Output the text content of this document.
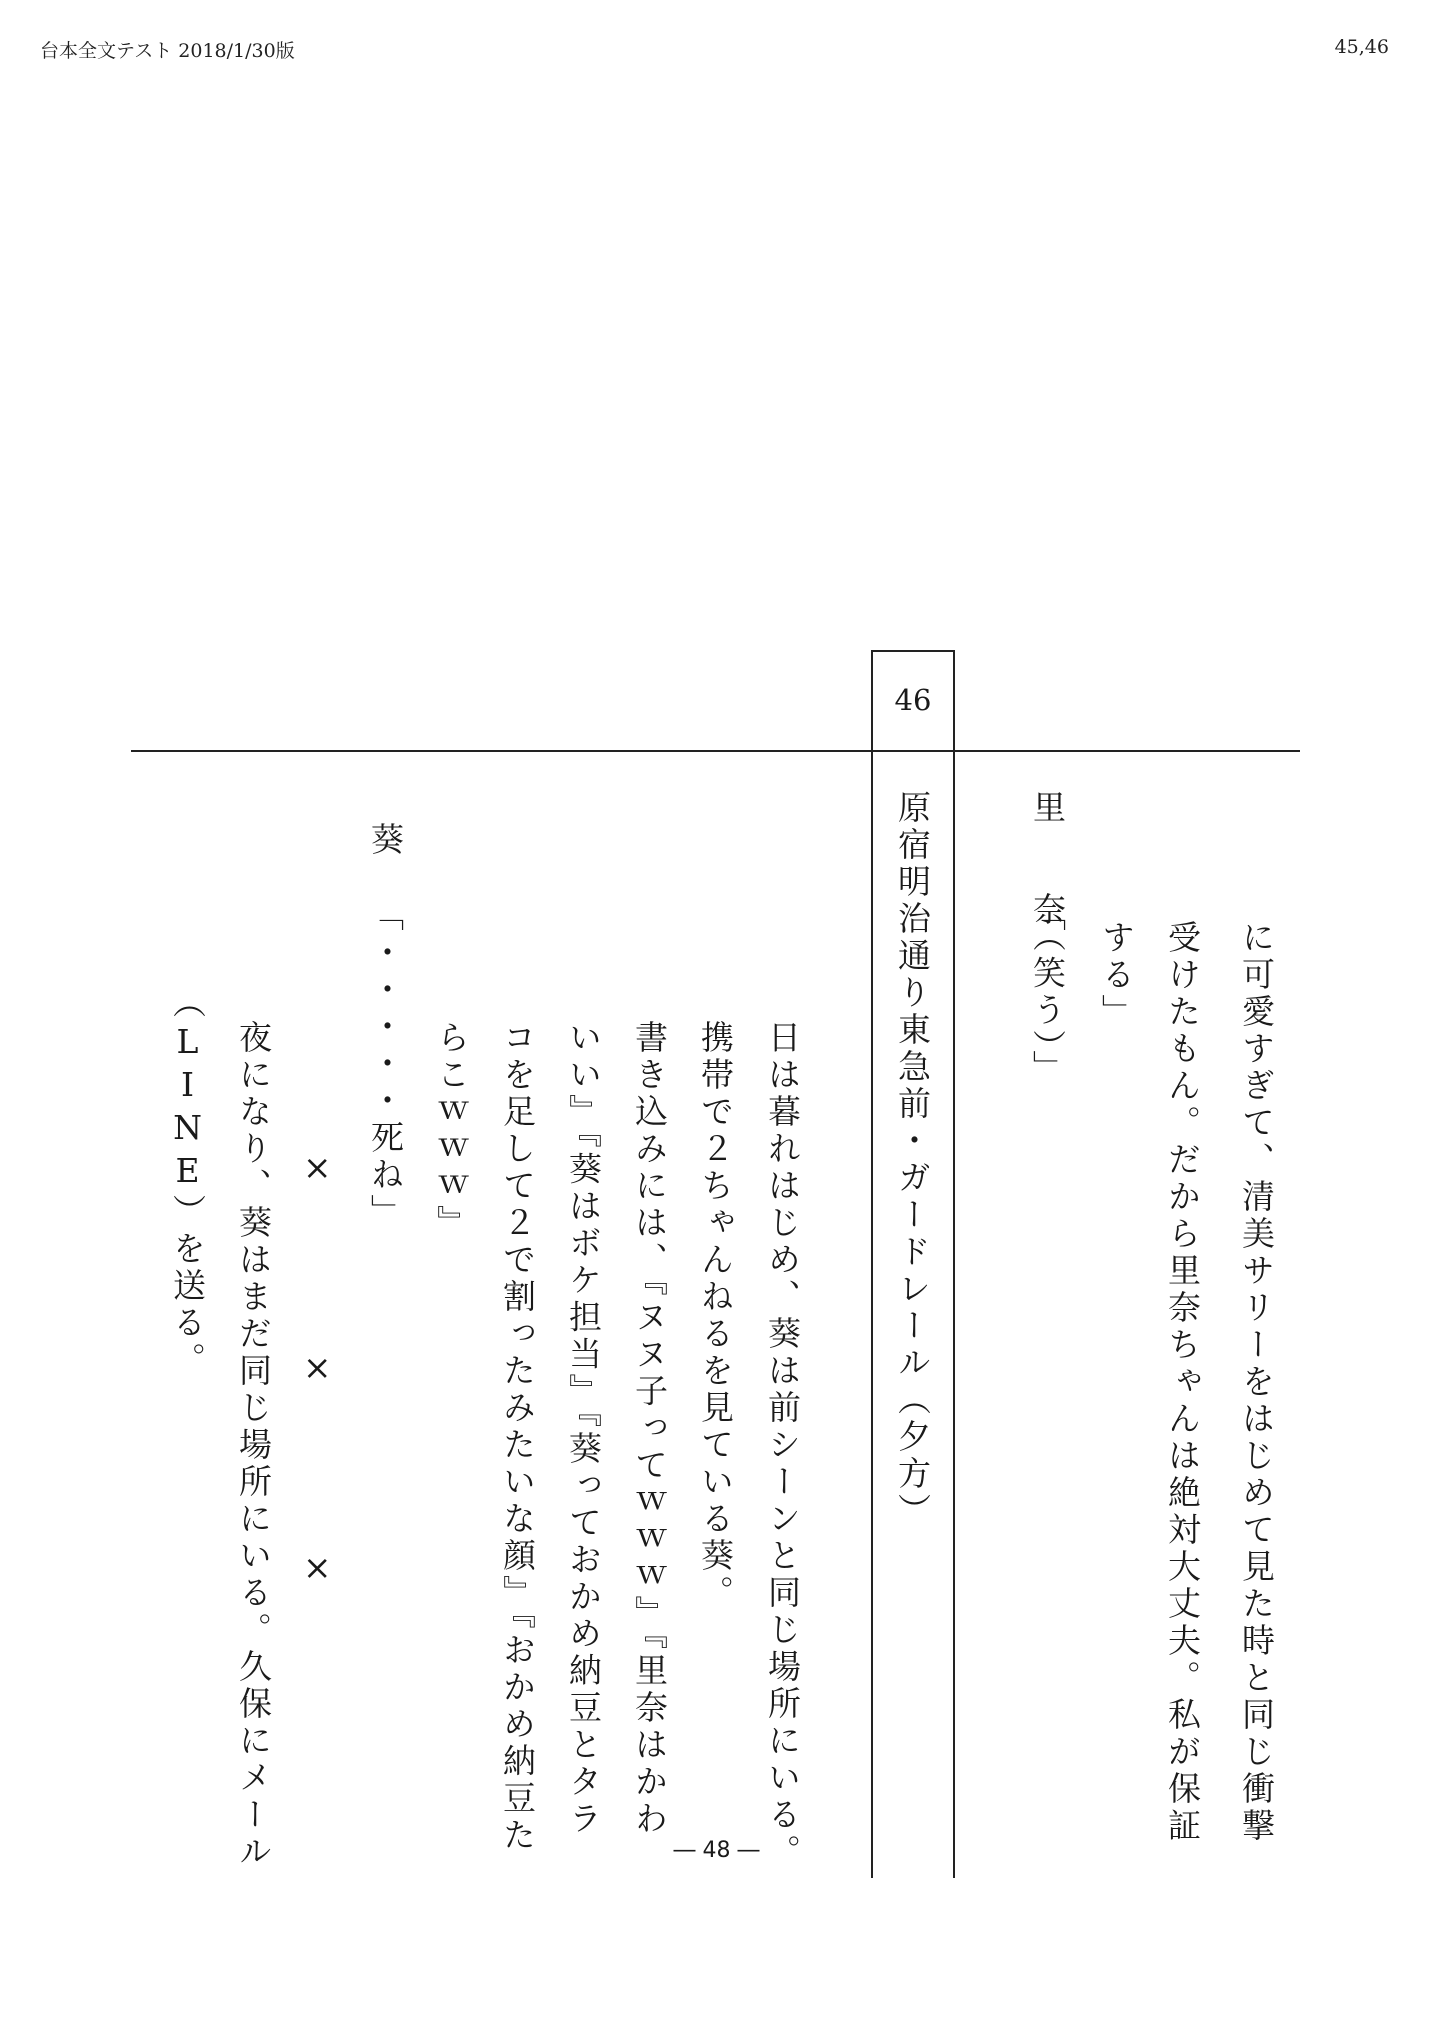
台本全文テスト 2018/1/30版	45,46
46
原宿明治通り東急前・ガードレール（夕方）	に可愛すぎて、清美サリーをはじめて見た時と同じ衝撃
受けたもん。だから里奈ちゃんは絶対大丈夫。私が保証
する」
里　奈
「（笑う）」
日は暮れはじめ、葵は前シーンと同じ場所にいる。
携帯で２ちゃんねるを見ている葵。
書き込みには、『ヌヌ子ってｗｗｗ』『里奈はかわ
いい』『葵はボケ担当』『葵っておかめ納豆とタラ
コを足して２で割ったみたいな顔』『おかめ納豆た
らこｗｗｗ』
葵
「・・・・・死ね」
×
×
×
夜になり、葵はまだ同じ場所にいる。久保にメール
（LINE）を送る。
― 48 ―
